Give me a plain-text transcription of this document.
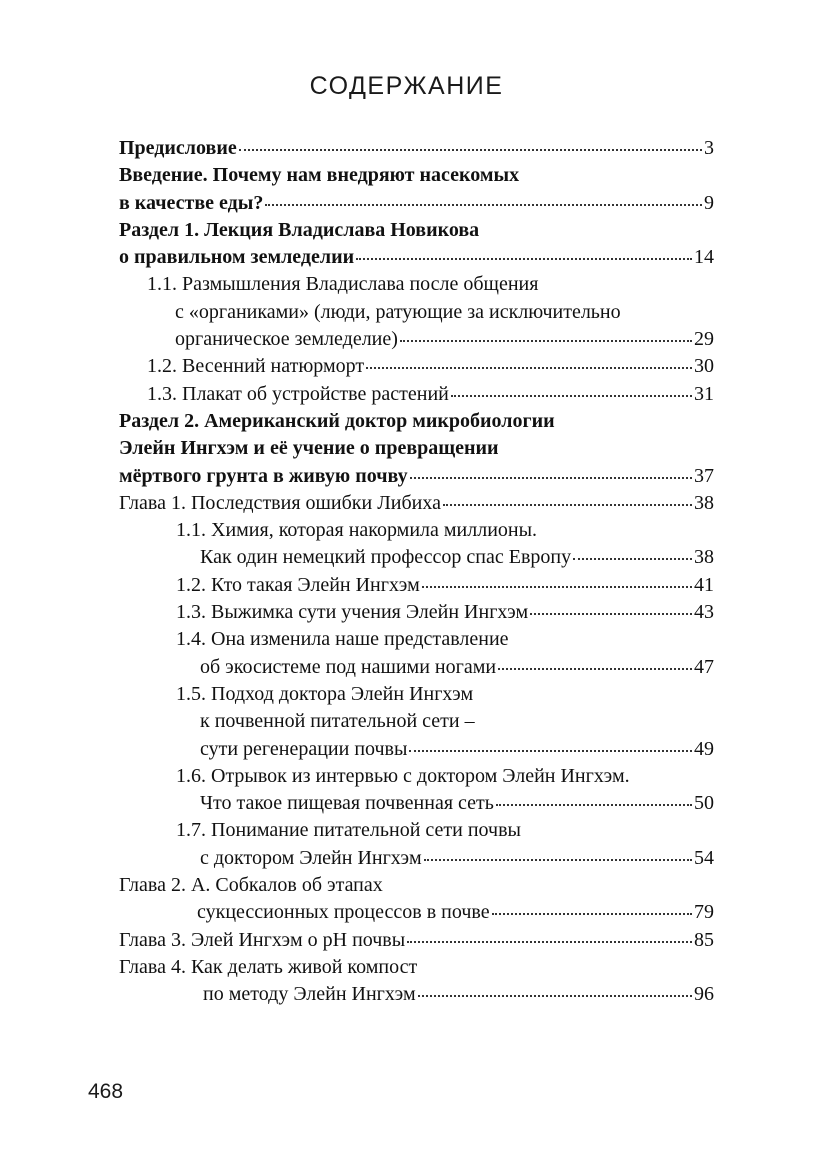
СОДЕРЖАНИЕ
Предисловие	3
Введение. Почему нам внедряют насекомых
в качестве еды?	9
Раздел 1. Лекция Владислава Новикова
о правильном земледелии	14
1.1. Размышления Владислава после общения
с «органиками» (люди, ратующие за исключительно
органическое земледелие)	29
1.2. Весенний натюрморт	30
1.3. Плакат об устройстве растений	31
Раздел 2. Американский доктор микробиологии
Элейн Ингхэм и её учение о превращении
мёртвого грунта в живую почву	37
Глава 1. Последствия ошибки Либиха	38
1.1. Химия, которая накормила миллионы.
Как один немецкий профессор спас Европу	38
1.2. Кто такая Элейн Ингхэм	41
1.3. Выжимка сути учения Элейн Ингхэм	43
1.4. Она изменила наше представление
об экосистеме под нашими ногами	47
1.5. Подход доктора Элейн Ингхэм
к почвенной питательной сети –
сути регенерации почвы	49
1.6. Отрывок из интервью с доктором Элейн Ингхэм.
Что такое пищевая почвенная сеть	50
1.7. Понимание питательной сети почвы
с доктором Элейн Ингхэм	54
Глава 2. А. Собкалов об этапах
сукцессионных процессов в почве	79
Глава 3. Элей Ингхэм о pH почвы	85
Глава 4. Как делать живой компост
по методу Элейн Ингхэм	96
468
